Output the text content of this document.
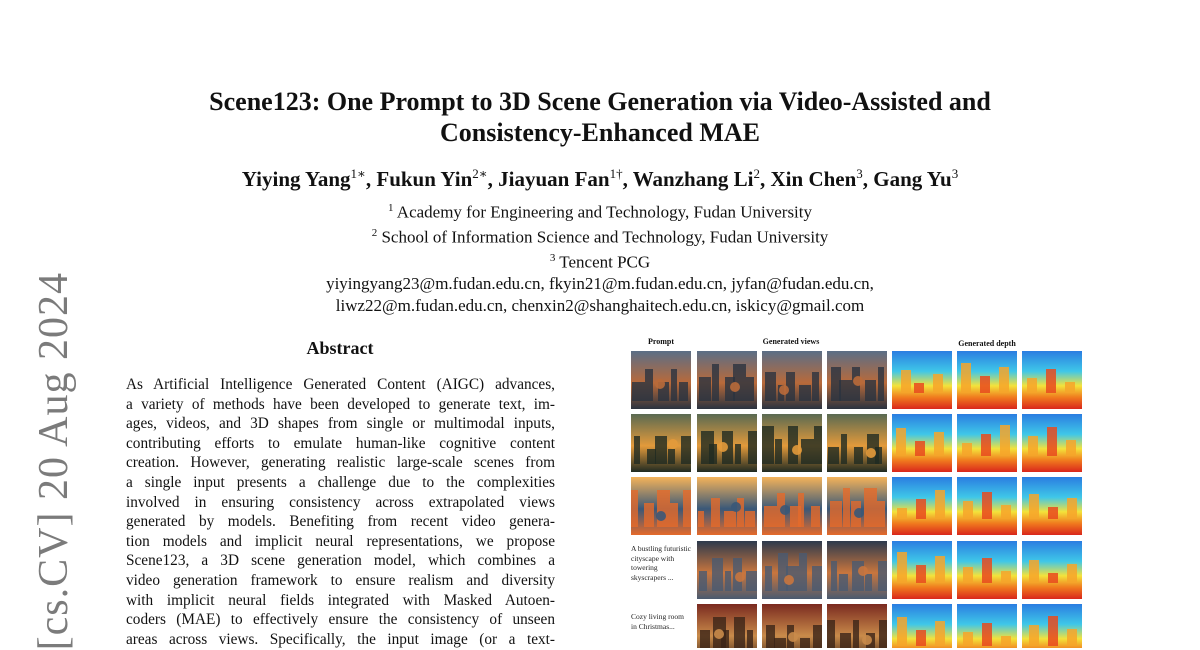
[cs.CV] 20 Aug 2024
Scene123: One Prompt to 3D Scene Generation via Video-Assisted and
Consistency-Enhanced MAE
Yiying Yang$^{1∗}$, Fukun Yin$^{2∗}$, Jiayuan Fan$^{1\dagger}$, Wanzhang Li$^2$, Xin Chen$^3$, Gang Yu$^3$
$^1$ Academy for Engineering and Technology, Fudan University
$^2$ School of Information Science and Technology, Fudan University
$^3$ Tencent PCG
yiyingyang23@m.fudan.edu.cn, fkyin21@m.fudan.edu.cn, jyfan@fudan.edu.cn,
liwz22@m.fudan.edu.cn, chenxin2@shanghaitech.edu.cn, iskicy@gmail.com
Abstract
As Artificial Intelligence Generated Content (AIGC) advances,
a variety of methods have been developed to generate text, im-
ages, videos, and 3D shapes from single or multimodal inputs,
contributing efforts to emulate human-like cognitive content
creation. However, generating realistic large-scale scenes from
a single input presents a challenge due to the complexities
involved in ensuring consistency across extrapolated views
generated by models. Benefiting from recent video genera-
tion models and implicit neural representations, we propose
Scene123, a 3D scene generation model, which combines a
video generation framework to ensure realism and diversity
with implicit neural fields integrated with Masked Autoen-
coders (MAE) to effectively ensure the consistency of unseen
areas across views. Specifically, the input image (or a text-
Prompt	Generated views	Generated depth
A bustling futuristic cityscape with towering skyscrapers ...
Cozy living room in Christmas...
